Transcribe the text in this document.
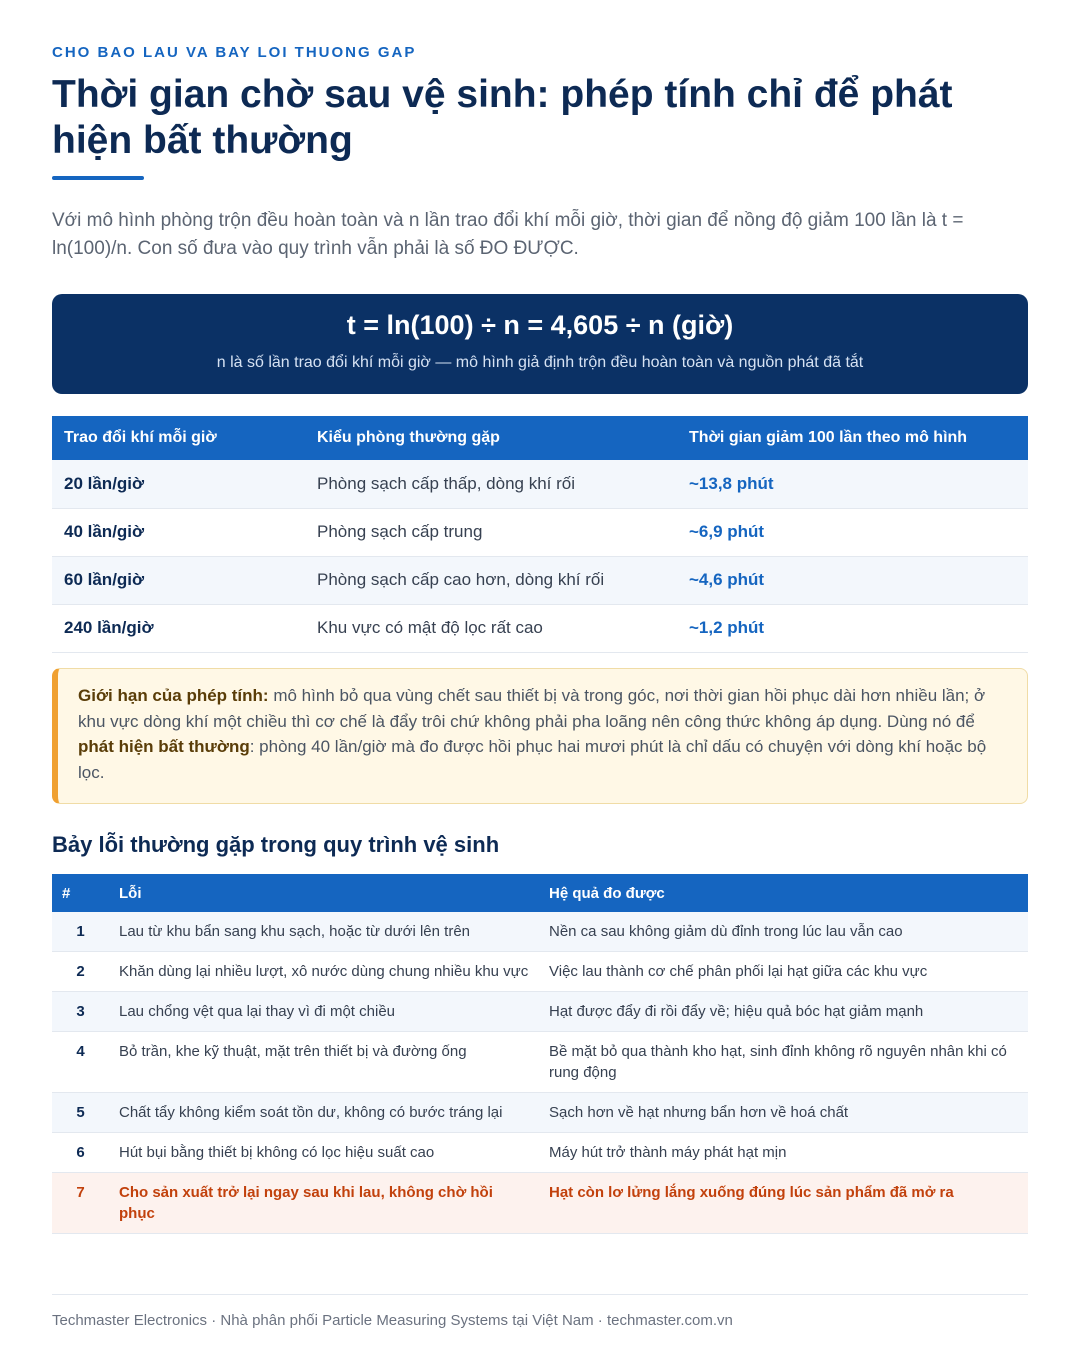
CHO BAO LAU VA BAY LOI THUONG GAP
Thời gian chờ sau vệ sinh: phép tính chỉ để phát hiện bất thường

Với mô hình phòng trộn đều hoàn toàn và n lần trao đổi khí mỗi giờ, thời gian để nồng độ giảm 100 lần là t = ln(100)/n. Con số đưa vào quy trình vẫn phải là số ĐO ĐƯỢC.

t = ln(100) ÷ n = 4,605 ÷ n (giờ)
n là số lần trao đổi khí mỗi giờ — mô hình giả định trộn đều hoàn toàn và nguồn phát đã tắt
Trao đổi khí mỗi giờ	Kiểu phòng thường gặp	Thời gian giảm 100 lần theo mô hình
20 lần/giờ	Phòng sạch cấp thấp, dòng khí rối	~13,8 phút
40 lần/giờ	Phòng sạch cấp trung	~6,9 phút
60 lần/giờ	Phòng sạch cấp cao hơn, dòng khí rối	~4,6 phút
240 lần/giờ	Khu vực có mật độ lọc rất cao	~1,2 phút
Giới hạn của phép tính: mô hình bỏ qua vùng chết sau thiết bị và trong góc, nơi thời gian hồi phục dài hơn nhiều lần; ở khu vực dòng khí một chiều thì cơ chế là đẩy trôi chứ không phải pha loãng nên công thức không áp dụng. Dùng nó để phát hiện bất thường: phòng 40 lần/giờ mà đo được hồi phục hai mươi phút là chỉ dấu có chuyện với dòng khí hoặc bộ lọc.
Bảy lỗi thường gặp trong quy trình vệ sinh
#	Lỗi	Hệ quả đo được
1	Lau từ khu bẩn sang khu sạch, hoặc từ dưới lên trên	Nền ca sau không giảm dù đỉnh trong lúc lau vẫn cao
2	Khăn dùng lại nhiều lượt, xô nước dùng chung nhiều khu vực	Việc lau thành cơ chế phân phối lại hạt giữa các khu vực
3	Lau chổng vệt qua lại thay vì đi một chiều	Hạt được đẩy đi rồi đẩy về; hiệu quả bóc hạt giảm mạnh
4	Bỏ trần, khe kỹ thuật, mặt trên thiết bị và đường ống	Bề mặt bỏ qua thành kho hạt, sinh đỉnh không rõ nguyên nhân khi có rung động
5	Chất tẩy không kiểm soát tồn dư, không có bước tráng lại	Sạch hơn về hạt nhưng bẩn hơn về hoá chất
6	Hút bụi bằng thiết bị không có lọc hiệu suất cao	Máy hút trở thành máy phát hạt mịn
7	Cho sản xuất trở lại ngay sau khi lau, không chờ hồi phục	Hạt còn lơ lửng lắng xuống đúng lúc sản phẩm đã mở ra
Techmaster Electronics · Nhà phân phối Particle Measuring Systems tại Việt Nam · techmaster.com.vn
